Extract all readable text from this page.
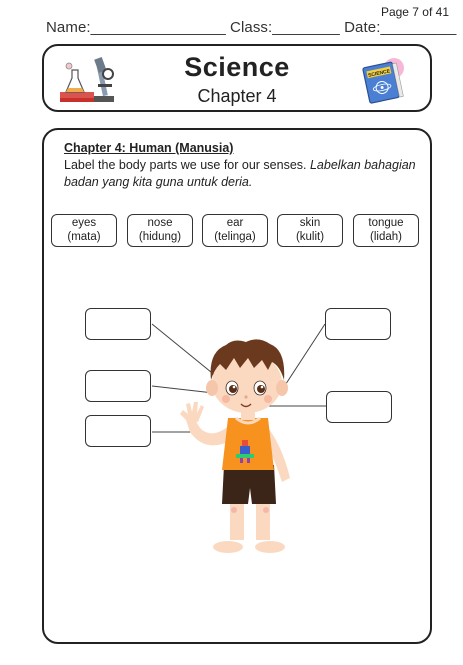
Page 7 of 41
Name:________________ Class:________ Date:_________
Science
Chapter 4
SCIENCE
Chapter 4: Human (Manusia)
Label the body parts we use for our senses. Labelkan bahagian badan yang kita guna untuk deria.
eyes
(mata)
nose
(hidung)
ear
(telinga)
skin
(kulit)
tongue
(lidah)
